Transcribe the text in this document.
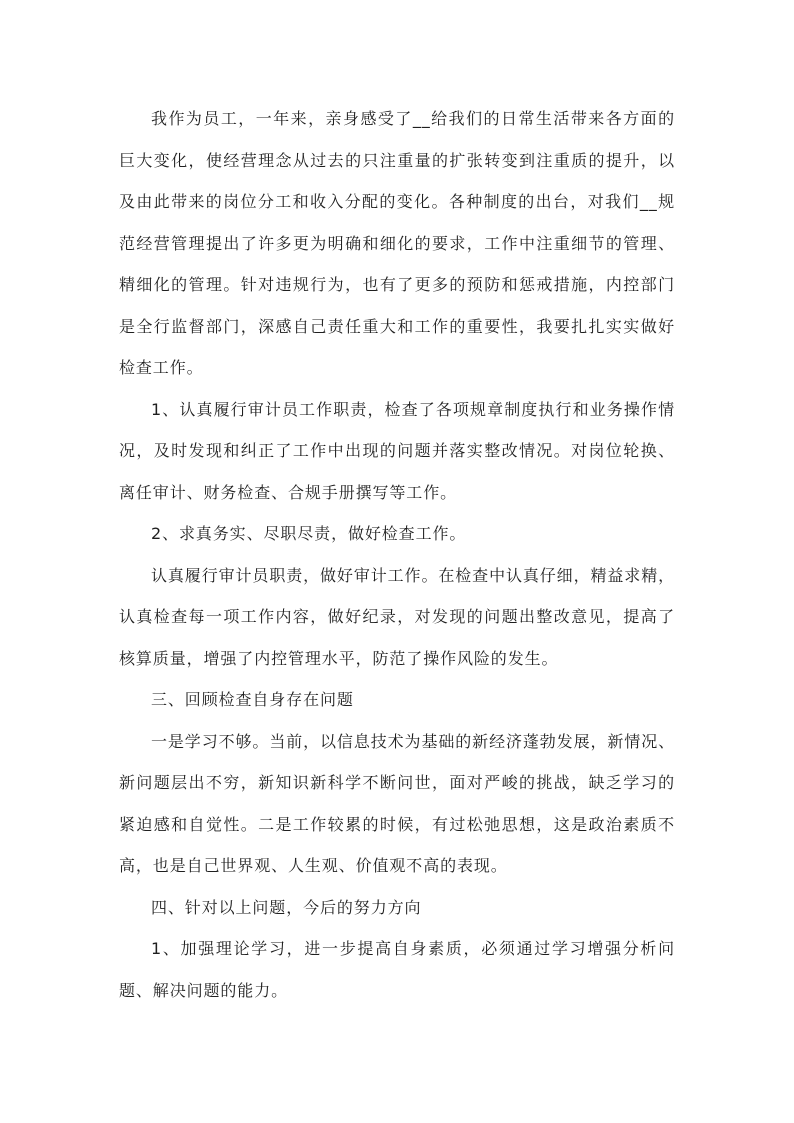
我作为员工，一年来，亲身感受了__给我们的日常生活带来各方面的巨大变化，使经营理念从过去的只注重量的扩张转变到注重质的提升，以及由此带来的岗位分工和收入分配的变化。各种制度的出台，对我们__规范经营管理提出了许多更为明确和细化的要求，工作中注重细节的管理、精细化的管理。针对违规行为，也有了更多的预防和惩戒措施，内控部门是全行监督部门，深感自己责任重大和工作的重要性，我要扎扎实实做好检查工作。

1、认真履行审计员工作职责，检查了各项规章制度执行和业务操作情况，及时发现和纠正了工作中出现的问题并落实整改情况。对岗位轮换、离任审计、财务检查、合规手册撰写等工作。

2、求真务实、尽职尽责，做好检查工作。

认真履行审计员职责，做好审计工作。在检查中认真仔细，精益求精，认真检查每一项工作内容，做好纪录，对发现的问题出整改意见，提高了核算质量，增强了内控管理水平，防范了操作风险的发生。

三、回顾检查自身存在问题

一是学习不够。当前，以信息技术为基础的新经济蓬勃发展，新情况、新问题层出不穷，新知识新科学不断问世，面对严峻的挑战，缺乏学习的紧迫感和自觉性。二是工作较累的时候，有过松弛思想，这是政治素质不高，也是自己世界观、人生观、价值观不高的表现。

四、针对以上问题，今后的努力方向

1、加强理论学习，进一步提高自身素质，必须通过学习增强分析问题、解决问题的能力。
